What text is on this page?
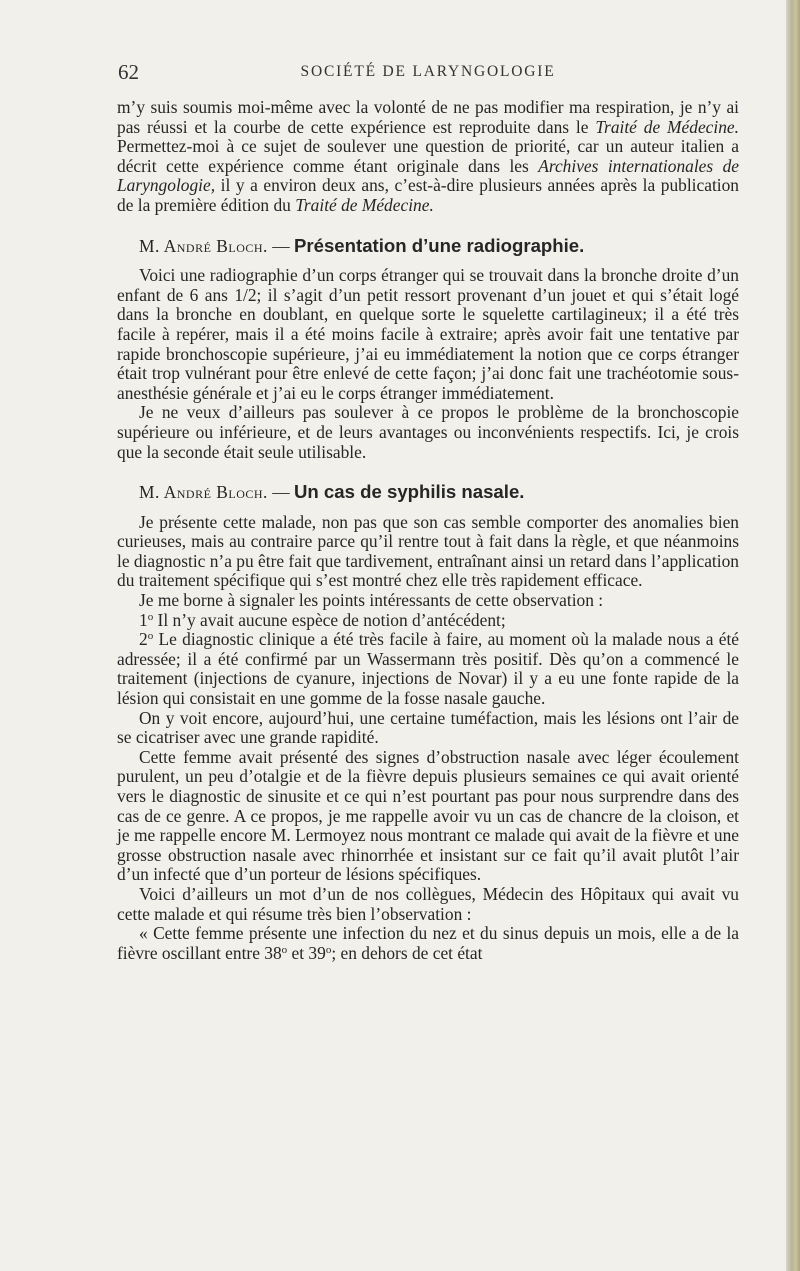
62	SOCIÉTÉ DE LARYNGOLOGIE

m’y suis soumis moi-même avec la volonté de ne pas modifier ma respiration, je n’y ai pas réussi et la courbe de cette expérience est reproduite dans le Traité de Médecine. Permettez-moi à ce sujet de soulever une question de priorité, car un auteur italien a décrit cette expérience comme étant originale dans les Archives internationales de Laryngologie, il y a environ deux ans, c’est-à-dire plusieurs années après la publication de la première édition du Traité de Médecine.

M. André Bloch. — Présentation d’une radiographie.

Voici une radiographie d’un corps étranger qui se trouvait dans la bronche droite d’un enfant de 6 ans 1/2; il s’agit d’un petit ressort provenant d’un jouet et qui s’était logé dans la bronche en doublant, en quelque sorte le squelette cartilagineux; il a été très facile à repérer, mais il a été moins facile à extraire; après avoir fait une tentative par rapide bronchoscopie supérieure, j’ai eu immédiatement la notion que ce corps étranger était trop vulnérant pour être enlevé de cette façon; j’ai donc fait une trachéotomie sous-anesthésie générale et j’ai eu le corps étranger immédiatement.

Je ne veux d’ailleurs pas soulever à ce propos le problème de la bronchoscopie supérieure ou inférieure, et de leurs avantages ou inconvénients respectifs. Ici, je crois que la seconde était seule utilisable.

M. André Bloch. — Un cas de syphilis nasale.

Je présente cette malade, non pas que son cas semble comporter des anomalies bien curieuses, mais au contraire parce qu’il rentre tout à fait dans la règle, et que néanmoins le diagnostic n’a pu être fait que tardivement, entraînant ainsi un retard dans l’application du traitement spécifique qui s’est montré chez elle très rapidement efficace.

Je me borne à signaler les points intéressants de cette observation :

1$^o$ Il n’y avait aucune espèce de notion d’antécédent;

2$^o$ Le diagnostic clinique a été très facile à faire, au moment où la malade nous a été adressée; il a été confirmé par un Wassermann très positif. Dès qu’on a commencé le traitement (injections de cyanure, injections de Novar) il y a eu une fonte rapide de la lésion qui consistait en une gomme de la fosse nasale gauche.

On y voit encore, aujourd’hui, une certaine tuméfaction, mais les lésions ont l’air de se cicatriser avec une grande rapidité.

Cette femme avait présenté des signes d’obstruction nasale avec léger écoulement purulent, un peu d’otalgie et de la fièvre depuis plusieurs semaines ce qui avait orienté vers le diagnostic de sinusite et ce qui n’est pourtant pas pour nous surprendre dans des cas de ce genre. A ce propos, je me rappelle avoir vu un cas de chancre de la cloison, et je me rappelle encore M. Lermoyez nous montrant ce malade qui avait de la fièvre et une grosse obstruction nasale avec rhinorrhée et insistant sur ce fait qu’il avait plutôt l’air d’un infecté que d’un porteur de lésions spécifiques.

Voici d’ailleurs un mot d’un de nos collègues, Médecin des Hôpitaux qui avait vu cette malade et qui résume très bien l’observation :

« Cette femme présente une infection du nez et du sinus depuis un mois, elle a de la fièvre oscillant entre 38$^o$ et 39$^o$; en dehors de cet état
